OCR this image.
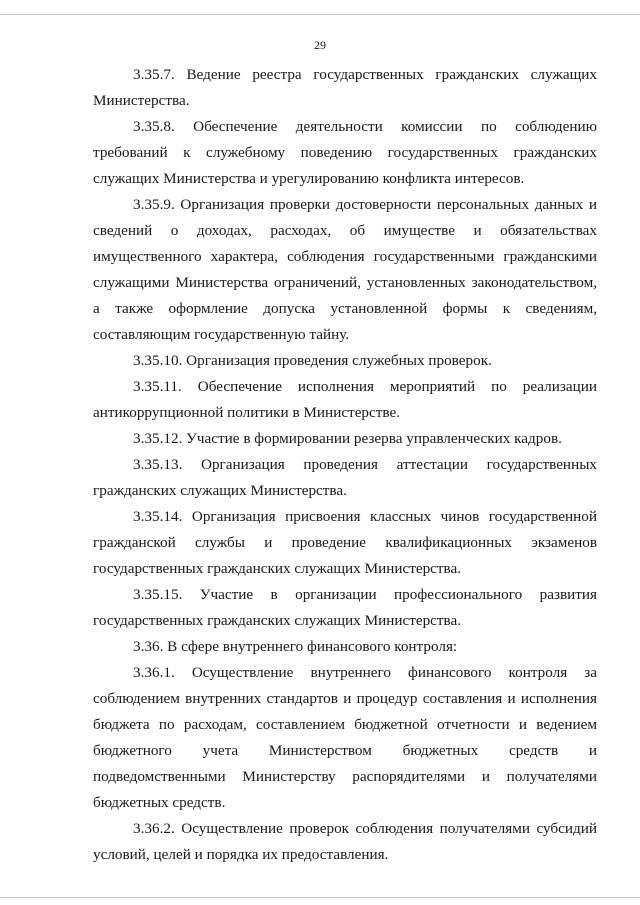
29

3.35.7. Ведение реестра государственных гражданских служащих Министерства.

3.35.8. Обеспечение деятельности комиссии по соблюдению требований к служебному поведению государственных гражданских служащих Министерства и урегулированию конфликта интересов.

3.35.9. Организация проверки достоверности персональных данных и сведений о доходах, расходах, об имуществе и обязательствах имущественного характера, соблюдения государственными гражданскими служащими Министерства ограничений, установленных законодательством, а также оформление допуска установленной формы к сведениям, составляющим государственную тайну.

3.35.10. Организация проведения служебных проверок.

3.35.11. Обеспечение исполнения мероприятий по реализации антикоррупционной политики в Министерстве.

3.35.12. Участие в формировании резерва управленческих кадров.

3.35.13. Организация проведения аттестации государственных гражданских служащих Министерства.

3.35.14. Организация присвоения классных чинов государственной гражданской службы и проведение квалификационных экзаменов государственных гражданских служащих Министерства.

3.35.15. Участие в организации профессионального развития государственных гражданских служащих Министерства.

3.36. В сфере внутреннего финансового контроля:

3.36.1. Осуществление внутреннего финансового контроля за соблюдением внутренних стандартов и процедур составления и исполнения бюджета по расходам, составлением бюджетной отчетности и ведением бюджетного учета Министерством бюджетных средств и подведомственными Министерству распорядителями и получателями бюджетных средств.

3.36.2. Осуществление проверок соблюдения получателями субсидий условий, целей и порядка их предоставления.
